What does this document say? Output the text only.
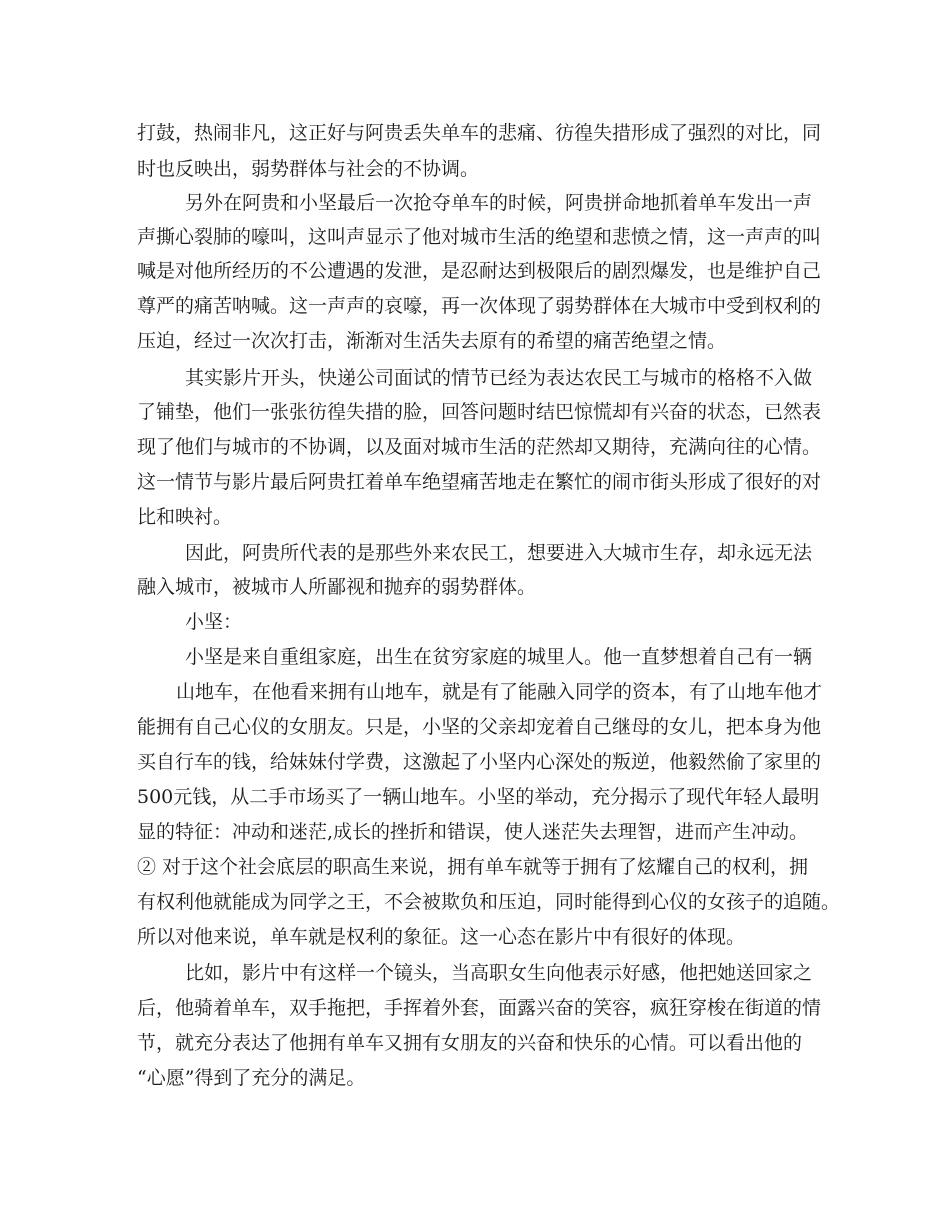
打鼓，热闹非凡，这正好与阿贵丢失单车的悲痛、彷徨失措形成了强烈的对比，同
时也反映出，弱势群体与社会的不协调。
另外在阿贵和小坚最后一次抢夺单车的时候，阿贵拼命地抓着单车发出一声
声撕心裂肺的嚎叫，这叫声显示了他对城市生活的绝望和悲愤之情，这一声声的叫
喊是对他所经历的不公遭遇的发泄，是忍耐达到极限后的剧烈爆发，也是维护自己
尊严的痛苦呐喊。这一声声的哀嚎，再一次体现了弱势群体在大城市中受到权利的
压迫，经过一次次打击，渐渐对生活失去原有的希望的痛苦绝望之情。
其实影片开头，快递公司面试的情节已经为表达农民工与城市的格格不入做
了铺垫，他们一张张彷徨失措的脸，回答问题时结巴惊慌却有兴奋的状态，已然表
现了他们与城市的不协调，以及面对城市生活的茫然却又期待，充满向往的心情。
这一情节与影片最后阿贵扛着单车绝望痛苦地走在繁忙的闹市街头形成了很好的对
比和映衬。
因此，阿贵所代表的是那些外来农民工，想要进入大城市生存，却永远无法
融入城市，被城市人所鄙视和抛弃的弱势群体。
小坚：
小坚是来自重组家庭，出生在贫穷家庭的城里人。他一直梦想着自己有一辆
山地车，在他看来拥有山地车，就是有了能融入同学的资本，有了山地车他才
能拥有自己心仪的女朋友。只是，小坚的父亲却宠着自己继母的女儿，把本身为他
买自行车的钱，给妹妹付学费，这激起了小坚内心深处的叛逆，他毅然偷了家里的
500元钱，从二手市场买了一辆山地车。小坚的举动，充分揭示了现代年轻人最明
显的特征：冲动和迷茫,成长的挫折和错误，使人迷茫失去理智，进而产生冲动。
② 对于这个社会底层的职高生来说，拥有单车就等于拥有了炫耀自己的权利，拥
有权利他就能成为同学之王，不会被欺负和压迫，同时能得到心仪的女孩子的追随。
所以对他来说，单车就是权利的象征。这一心态在影片中有很好的体现。
比如，影片中有这样一个镜头，当高职女生向他表示好感，他把她送回家之
后，他骑着单车，双手拖把，手挥着外套，面露兴奋的笑容，疯狂穿梭在街道的情
节，就充分表达了他拥有单车又拥有女朋友的兴奋和快乐的心情。可以看出他的
“心愿”得到了充分的满足。
